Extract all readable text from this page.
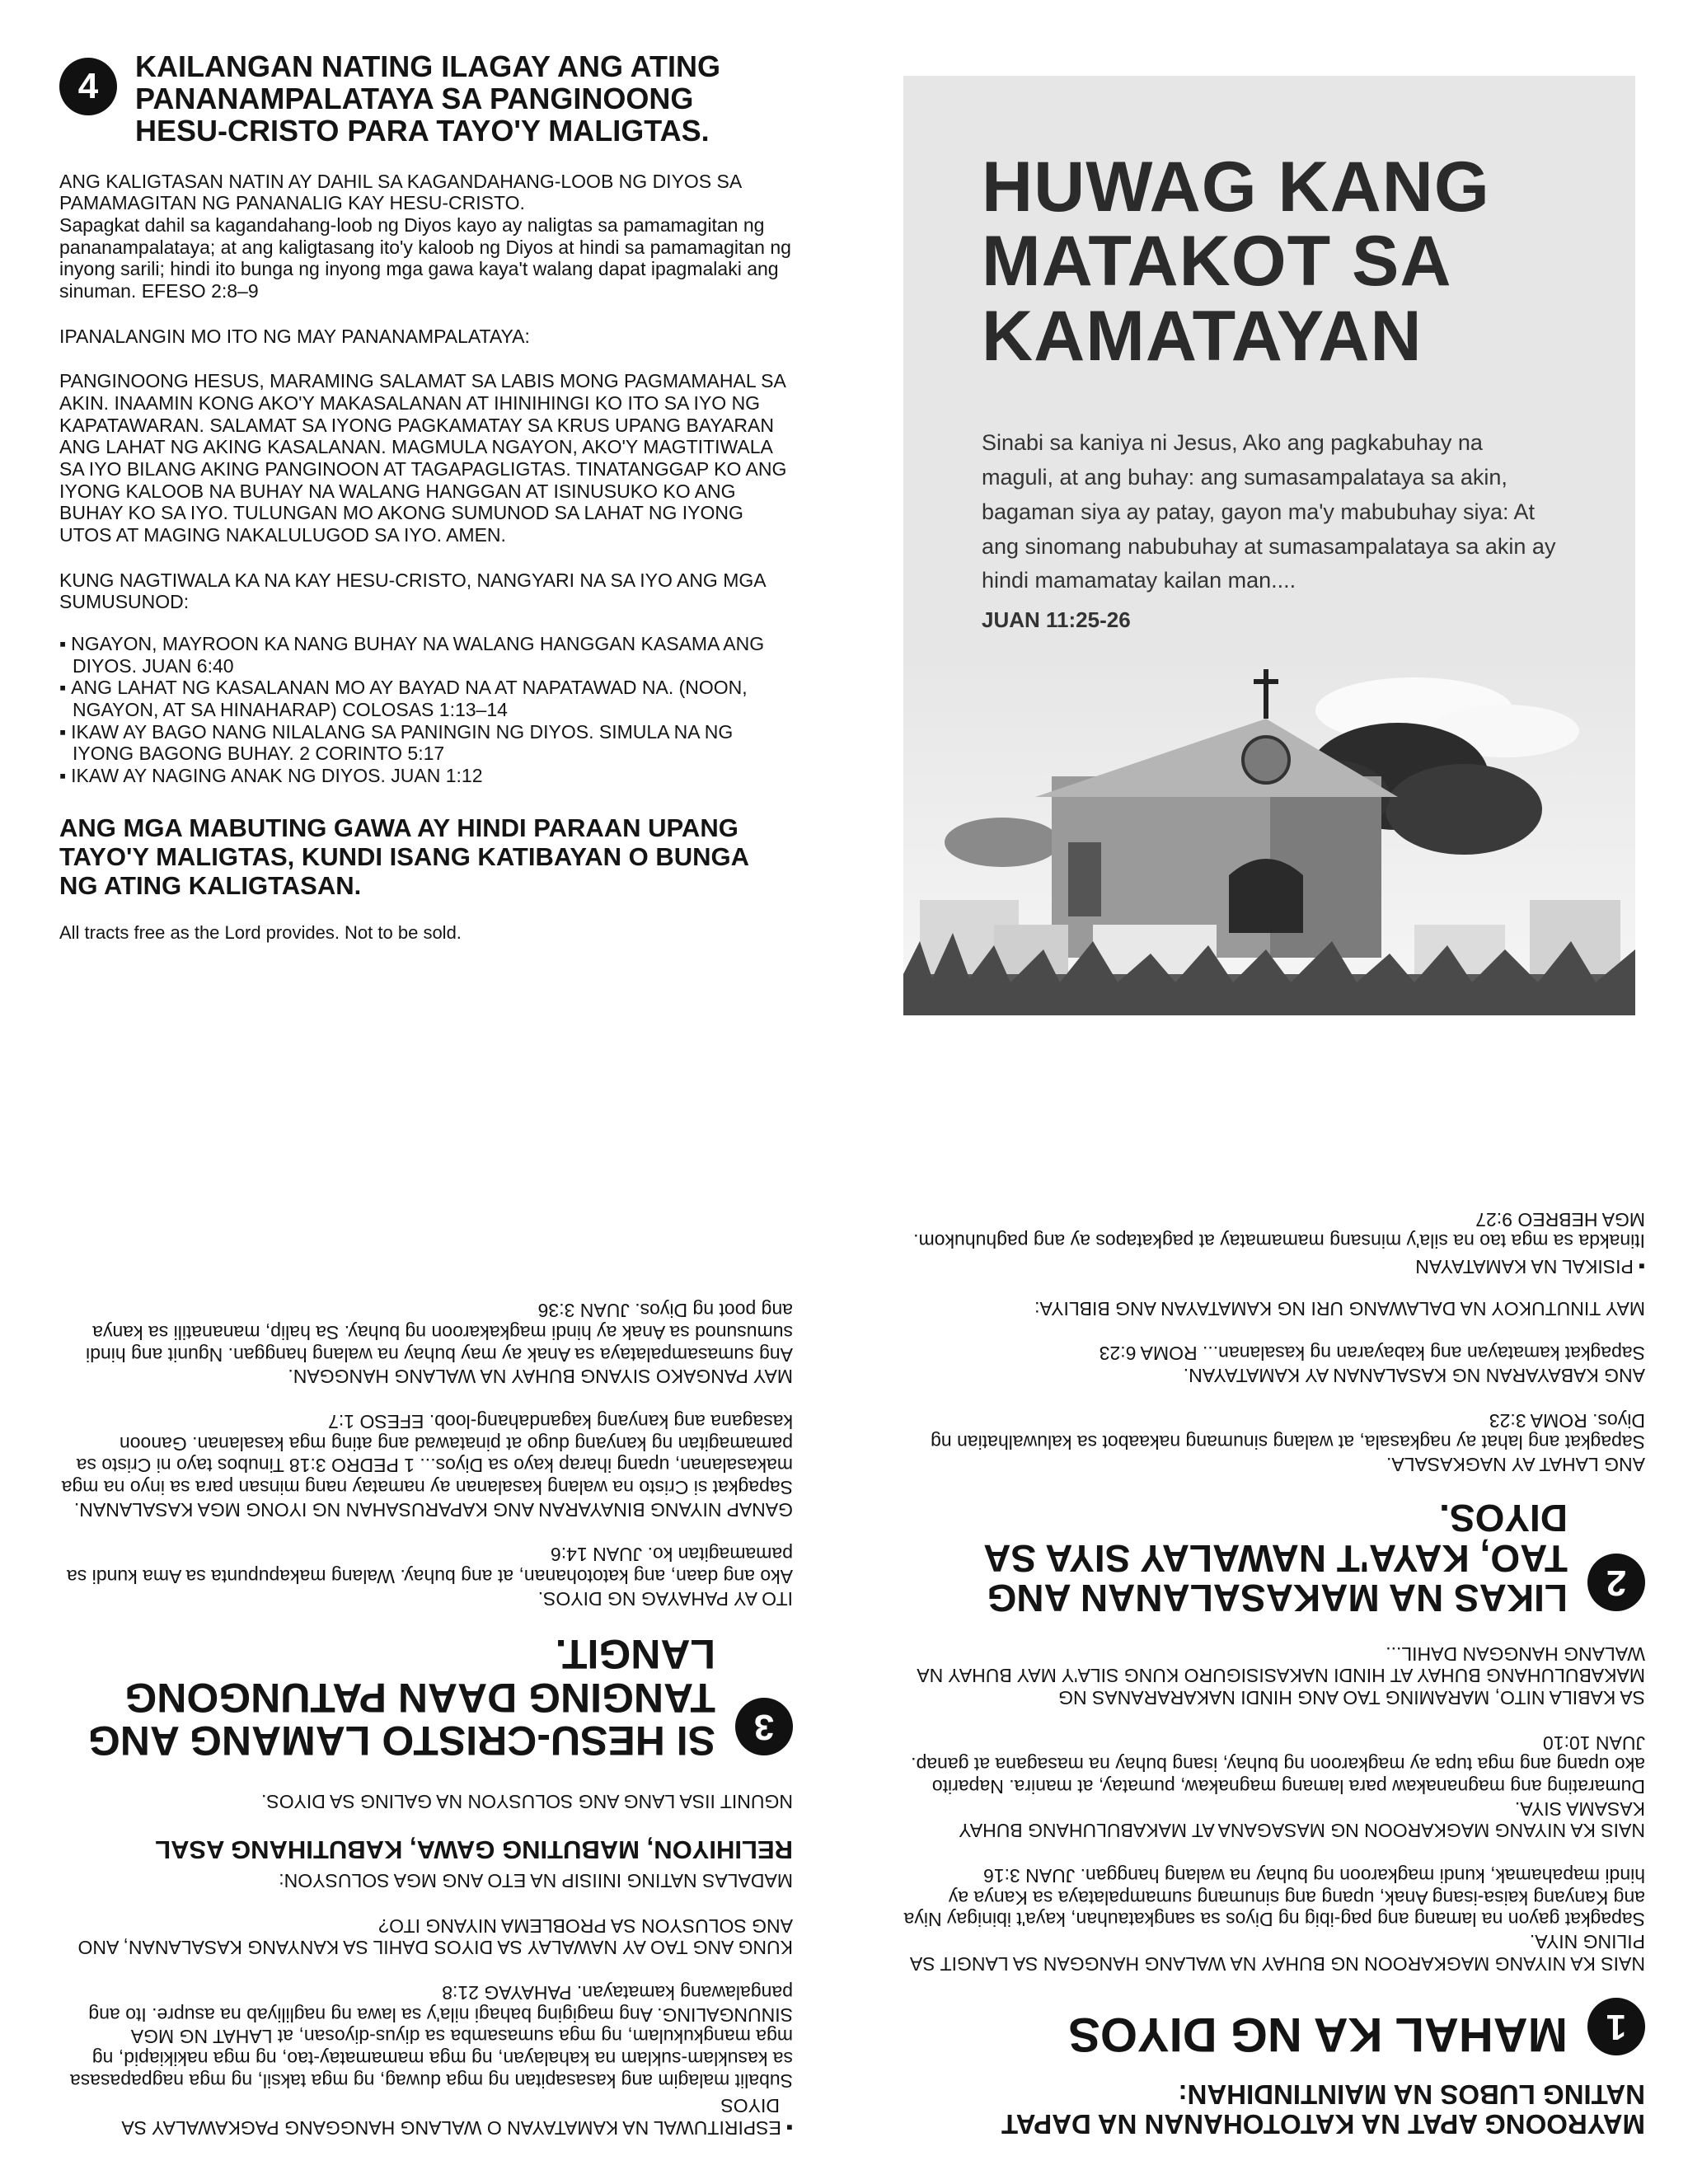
4	KAILANGAN NATING ILAGAY ANG ATING PANANAMPALATAYA SA PANGINOONG HESU-CRISTO PARA TAYO'Y MALIGTAS.

ANG KALIGTASAN NATIN AY DAHIL SA KAGANDAHANG-LOOB NG DIYOS SA PAMAMAGITAN NG PANANALIG KAY HESU-CRISTO.

Sapagkat dahil sa kagandahang-loob ng Diyos kayo ay naligtas sa pamamagitan ng pananampalataya; at ang kaligtasang ito'y kaloob ng Diyos at hindi sa pamamagitan ng inyong sarili; hindi ito bunga ng inyong mga gawa kaya't walang dapat ipagmalaki ang sinuman. EFESO 2:8–9

IPANALANGIN MO ITO NG MAY PANANAMPALATAYA:

PANGINOONG HESUS, MARAMING SALAMAT SA LABIS MONG PAGMAMAHAL SA AKIN. INAAMIN KONG AKO'Y MAKASALANAN AT IHINIHINGI KO ITO SA IYO NG KAPATAWARAN. SALAMAT SA IYONG PAGKAMATAY SA KRUS UPANG BAYARAN ANG LAHAT NG AKING KASALANAN. MAGMULA NGAYON, AKO'Y MAGTITIWALA SA IYO BILANG AKING PANGINOON AT TAGAPAGLIGTAS. TINATANGGAP KO ANG IYONG KALOOB NA BUHAY NA WALANG HANGGAN AT ISINUSUKO KO ANG BUHAY KO SA IYO. TULUNGAN MO AKONG SUMUNOD SA LAHAT NG IYONG UTOS AT MAGING NAKALULUGOD SA IYO. AMEN.

KUNG NAGTIWALA KA NA KAY HESU-CRISTO, NANGYARI NA SA IYO ANG MGA SUMUSUNOD:

▪ NGAYON, MAYROON KA NANG BUHAY NA WALANG HANGGAN KASAMA ANG DIYOS. JUAN 6:40
▪ ANG LAHAT NG KASALANAN MO AY BAYAD NA AT NAPATAWAD NA. (NOON, NGAYON, AT SA HINAHARAP) COLOSAS 1:13–14
▪ IKAW AY BAGO NANG NILALANG SA PANINGIN NG DIYOS. SIMULA NA NG IYONG BAGONG BUHAY. 2 CORINTO 5:17
▪ IKAW AY NAGING ANAK NG DIYOS. JUAN 1:12

ANG MGA MABUTING GAWA AY HINDI PARAAN UPANG TAYO'Y MALIGTAS, KUNDI ISANG KATIBAYAN O BUNGA NG ATING KALIGTASAN.

All tracts free as the Lord provides. Not to be sold.

HUWAG KANG
MATAKOT SA
KAMATAYAN

Sinabi sa kaniya ni Jesus, Ako ang pagkabuhay na maguli, at ang buhay: ang sumasampalataya sa akin, bagaman siya ay patay, gayon ma'y mabubuhay siya: At ang sinomang nabubuhay at sumasampalataya sa akin ay hindi mamamatay kailan man....

JUAN 11:25-26

▪ ESPIRITUWAL NA KAMATAYAN O WALANG HANGGANG PAGKAWALAY SA DIYOS

Subalit malagim ang kasasapitan ng mga duwag, ng mga taksil, ng mga nagpapasasa sa kasuklam-suklam na kahalayan, ng mga mamamatay-tao, ng mga nakikiapid, ng mga mangkukulam, ng mga sumasamba sa diyus-diyosan, at LAHAT NG MGA SINUNGALING. Ang magiging bahagi nila'y sa lawa ng nagliliyab na asupre. Ito ang pangalawang kamatayan. PAHAYAG 21:8

KUNG ANG TAO AY NAWALAY SA DIYOS DAHIL SA KANYANG KASALANAN, ANO ANG SOLUSYON SA PROBLEMA NIYANG ITO?

MADALAS NATING INIISIP NA ETO ANG MGA SOLUSYON:

RELIHIYON, MABUTING GAWA, KABUTIHANG ASAL

NGUNIT IISA LANG ANG SOLUSYON NA GALING SA DIYOS.

3
SI HESU-CRISTO LAMANG ANG TANGING DAAN PATUNGONG LANGIT.

ITO AY PAHAYAG NG DIYOS.

Ako ang daan, ang katotohanan, at ang buhay. Walang makapupunta sa Ama kundi sa pamamagitan ko. JUAN 14:6

GANAP NIYANG BINAYARAN ANG KAPARUSAHAN NG IYONG MGA KASALANAN.

Sapagkat si Cristo na walang kasalanan ay namatay nang minsan para sa inyo na mga makasalanan, upang iharap kayo sa Diyos... 1 PEDRO 3:18 Tinubos tayo ni Cristo sa pamamagitan ng kanyang dugo at pinatawad ang ating mga kasalanan. Ganoon kasagana ang kanyang kagandahang-loob. EFESO 1:7

MAY PANGAKO SIYANG BUHAY NA WALANG HANGGAN.

Ang sumasampalataya sa Anak ay may buhay na walang hanggan. Ngunit ang hindi sumusunod sa Anak ay hindi magkakaroon ng buhay. Sa halip, mananatili sa kanya ang poot ng Diyos. JUAN 3:36

MAYROONG APAT NA KATOTOHANAN NA DAPAT NATING LUBOS NA MAINTINDIHAN:

1
MAHAL KA NG DIYOS

NAIS KA NIYANG MAGKAROON NG BUHAY NA WALANG HANGGAN SA LANGIT SA PILING NIYA.

Sapagkat gayon na lamang ang pag-ibig ng Diyos sa sangkatauhan, kaya't ibinigay Niya ang Kanyang kaisa-isang Anak, upang ang sinumang sumampalataya sa Kanya ay hindi mapahamak, kundi magkaroon ng buhay na walang hanggan. JUAN 3:16

NAIS KA NIYANG MAGKAROON NG MASAGANA AT MAKABULUHANG BUHAY KASAMA SIYA.

Dumarating ang magnanakaw para lamang magnakaw, pumatay, at manira. Naparito ako upang ang mga tupa ay magkaroon ng buhay, isang buhay na masagana at ganap. JUAN 10:10

SA KABILA NITO, MARAMING TAO ANG HINDI NAKARARANAS NG MAKABULUHANG BUHAY AT HINDI NAKASISIGURO KUNG SILA'Y MAY BUHAY NA WALANG HANGGAN DAHIL...

2
LIKAS NA MAKASALANAN ANG TAO, KAYA'T NAWALAY SIYA SA DIYOS.

ANG LAHAT AY NAGKASALA.

Sapagkat ang lahat ay nagkasala, at walang sinumang nakaabot sa kaluwalhatian ng Diyos. ROMA 3:23

ANG KABAYARAN NG KASALANAN AY KAMATAYAN.

Sapagkat kamatayan ang kabayaran ng kasalanan... ROMA 6:23

MAY TINUTUKOY NA DALAWANG URI NG KAMATAYAN ANG BIBLIYA:

▪ PISIKAL NA KAMATAYAN

Itinakda sa mga tao na sila'y minsang mamamatay at pagkatapos ay ang paghuhukom. MGA HEBREO 9:27
